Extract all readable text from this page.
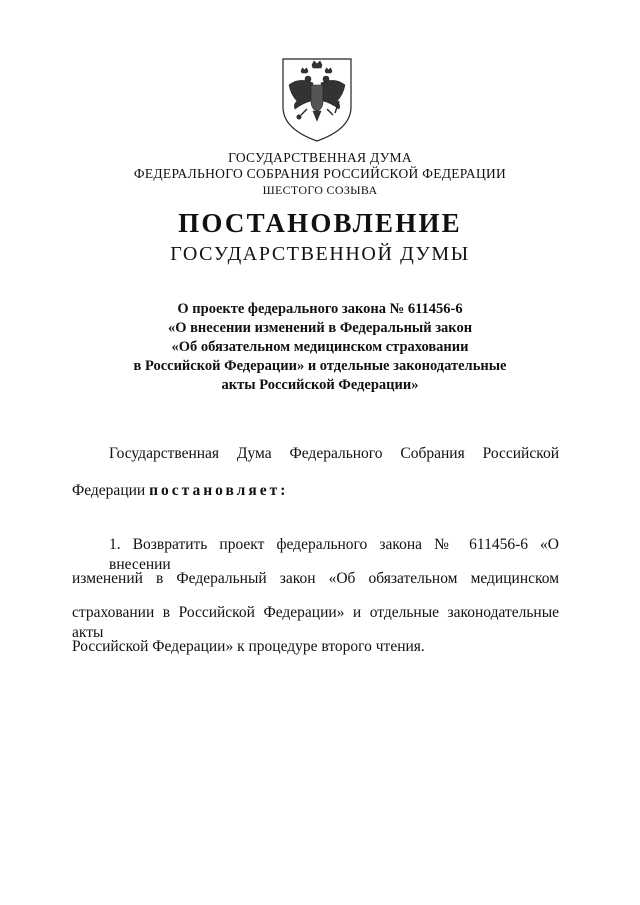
ГОСУДАРСТВЕННАЯ ДУМА
ФЕДЕРАЛЬНОГО СОБРАНИЯ РОССИЙСКОЙ ФЕДЕРАЦИИ
ШЕСТОГО СОЗЫВА
ПОСТАНОВЛЕНИЕ
ГОСУДАРСТВЕННОЙ ДУМЫ
О проекте федерального закона № 611456-6
«О внесении изменений в Федеральный закон
«Об обязательном медицинском страховании
в Российской Федерации» и отдельные законодательные
акты Российской Федерации»
Государственная Дума Федерального Собрания Российской
Федерации постановляет:
1. Возвратить проект федерального закона № 611456-6 «О внесении
изменений в Федеральный закон «Об обязательном медицинском
страховании в Российской Федерации» и отдельные законодательные акты
Российской Федерации» к процедуре второго чтения.
